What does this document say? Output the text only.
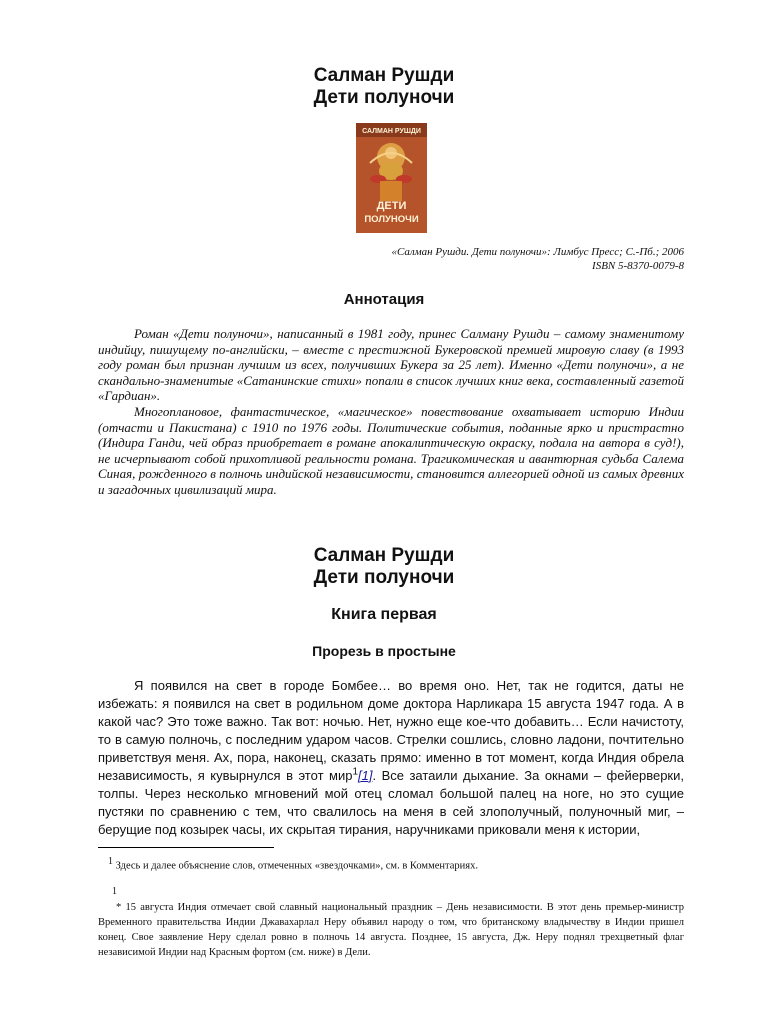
Салман Рушди
Дети полуночи
САЛМАН РУШДИ
ДЕТИ
ПОЛУНОЧИ
«Салман Рушди. Дети полуночи»: Лимбус Пресс; С.-Пб.; 2006
ISBN 5-8370-0079-8
Аннотация

Роман «Дети полуночи», написанный в 1981 году, принес Салману Рушди – самому знаменитому индийцу, пишущему по-английски, – вместе с престижной Букеровской премией мировую славу (в 1993 году роман был признан лучшим из всех, получивших Букера за 25 лет). Именно «Дети полуночи», а не скандально-знаменитые «Сатанинские стихи» попали в список лучших книг века, составленный газетой «Гардиан».

Многоплановое, фантастическое, «магическое» повествование охватывает историю Индии (отчасти и Пакистана) с 1910 по 1976 годы. Политические события, поданные ярко и пристрастно (Индира Ганди, чей образ приобретает в романе апокалиптическую окраску, подала на автора в суд!), не исчерпывают собой прихотливой реальности романа. Трагикомическая и авантюрная судьба Салема Синая, рожденного в полночь индийской независимости, становится аллегорией одной из самых древних и загадочных цивилизаций мира.

Салман Рушди
Дети полуночи
Книга первая
Прорезь в простыне

Я появился на свет в городе Бомбее… во время оно. Нет, так не годится, даты не избежать: я появился на свет в родильном доме доктора Нарликара 15 августа 1947 года. А в какой час? Это тоже важно. Так вот: ночью. Нет, нужно еще кое-что добавить… Если начистоту, то в самую полночь, с последним ударом часов. Стрелки сошлись, словно ладони, почтительно приветствуя меня. Ах, пора, наконец, сказать прямо: именно в тот момент, когда Индия обрела независимость, я кувырнулся в этот мир$^1$[1]. Все затаили дыхание. За окнами – фейерверки, толпы. Через несколько мгновений мой отец сломал большой палец на ноге, но это сущие пустяки по сравнению с тем, что свалилось на меня в сей злополучный, полуночный миг, – берущие под козырек часы, их скрытая тирания, наручниками приковали меня к истории,

$^1$ Здесь и далее объяснение слов, отмеченных «звездочками», см. в Комментариях.
1

* 15 августа Индия отмечает свой славный национальный праздник – День независимости. В этот день премьер-министр Временного правительства Индии Джавахарлал Неру объявил народу о том, что британскому владычеству в Индии пришел конец. Свое заявление Неру сделал ровно в полночь 14 августа. Позднее, 15 августа, Дж. Неру поднял трехцветный флаг независимой Индии над Красным фортом (см. ниже) в Дели.
